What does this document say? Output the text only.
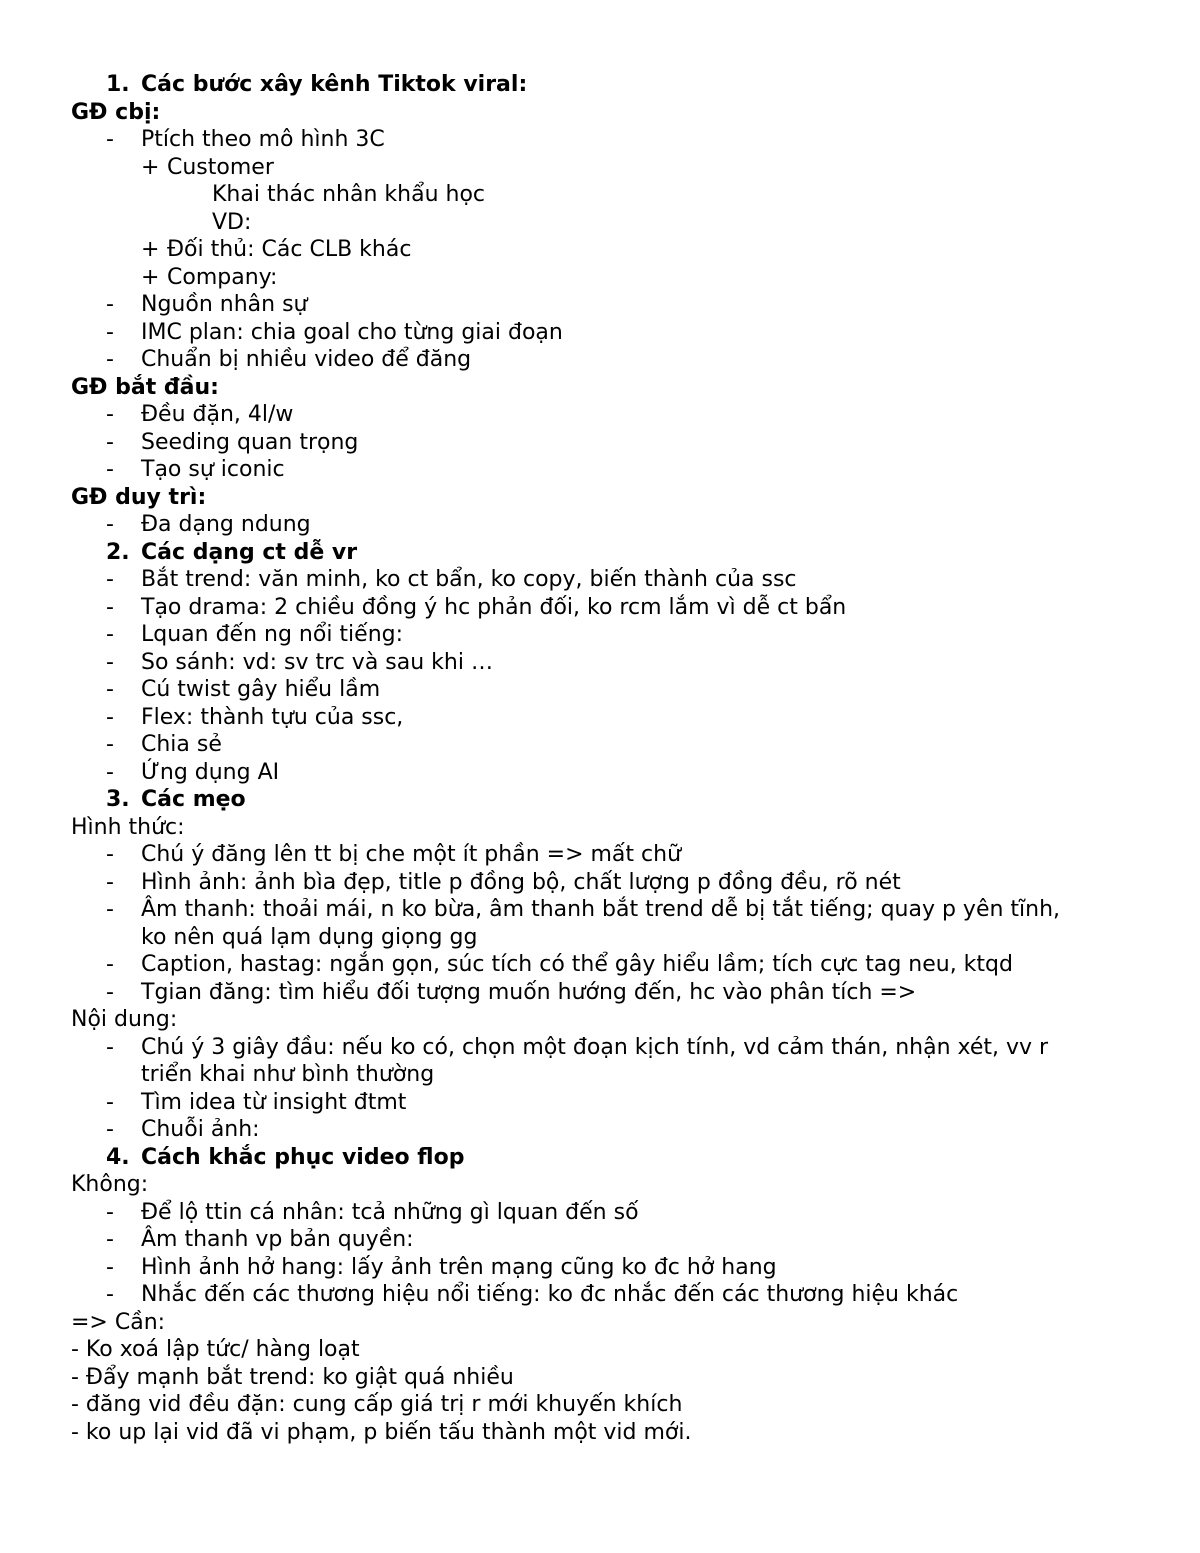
1. Các bước xây kênh Tiktok viral:
GĐ cbị:
- Ptích theo mô hình 3C
+ Customer
Khai thác nhân khẩu học
VD:
+ Đối thủ: Các CLB khác
+ Company:
- Nguồn nhân sự
- IMC plan: chia goal cho từng giai đoạn
- Chuẩn bị nhiều video để đăng
GĐ bắt đầu:
- Đều đặn, 4l/w
- Seeding quan trọng
- Tạo sự iconic
GĐ duy trì:
- Đa dạng ndung
2. Các dạng ct dễ vr
- Bắt trend: văn minh, ko ct bẩn, ko copy, biến thành của ssc
- Tạo drama: 2 chiều đồng ý hc phản đối, ko rcm lắm vì dễ ct bẩn
- Lquan đến ng nổi tiếng:
- So sánh: vd: sv trc và sau khi …
- Cú twist gây hiểu lầm
- Flex: thành tựu của ssc,
- Chia sẻ
- Ứng dụng AI
3. Các mẹo
Hình thức:
- Chú ý đăng lên tt bị che một ít phần => mất chữ
- Hình ảnh: ảnh bìa đẹp, title p đồng bộ, chất lượng p đồng đều, rõ nét
- Âm thanh: thoải mái, n ko bừa, âm thanh bắt trend dễ bị tắt tiếng; quay p yên tĩnh,
ko nên quá lạm dụng giọng gg
- Caption, hastag: ngắn gọn, súc tích có thể gây hiểu lầm; tích cực tag neu, ktqd
- Tgian đăng: tìm hiểu đối tượng muốn hướng đến, hc vào phân tích =>
Nội dung:
- Chú ý 3 giây đầu: nếu ko có, chọn một đoạn kịch tính, vd cảm thán, nhận xét, vv r
triển khai như bình thường
- Tìm idea từ insight đtmt
- Chuỗi ảnh:
4. Cách khắc phục video flop
Không:
- Để lộ ttin cá nhân: tcả những gì lquan đến số
- Âm thanh vp bản quyền:
- Hình ảnh hở hang: lấy ảnh trên mạng cũng ko đc hở hang
- Nhắc đến các thương hiệu nổi tiếng: ko đc nhắc đến các thương hiệu khác
=> Cần:
- Ko xoá lập tức/ hàng loạt
- Đẩy mạnh bắt trend: ko giật quá nhiều
- đăng vid đều đặn: cung cấp giá trị r mới khuyến khích
- ko up lại vid đã vi phạm, p biến tấu thành một vid mới.
